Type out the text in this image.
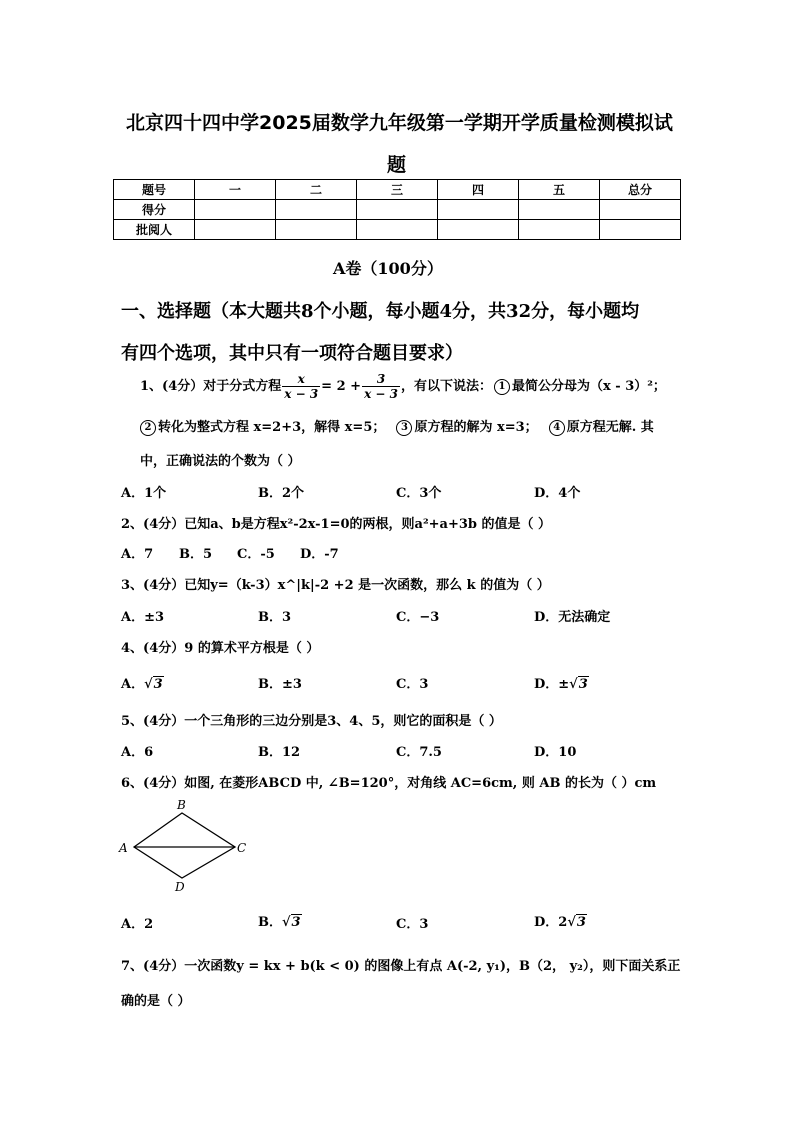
北京四十四中学2025届数学九年级第一学期开学质量检测模拟试
题
题号	一	二	三	四	五	总分
得分						
批阅人						
A卷（100分）
一、选择题（本大题共8个小题，每小题4分，共32分，每小题均
有四个选项，其中只有一项符合题目要求）
1、(4分）对于分式方程 $\frac{x}{x - 3} = 2 + \frac{3}{x - 3}$ ，有以下说法： 1 最简公分母为（x - 3）²；
2 转化为整式方程 x=2+3，解得 x=5； 3 原方程的解为 x=3； 4 原方程无解. 其
中，正确说法的个数为（ ）
A．1个	B．2个	C．3个	D．4个
2、(4分）已知a、b是方程x²-2x-1=0的两根，则a²+a+3b 的值是（ ）
A．7 B．5 C．-5 D．-7
3、(4分）已知y=（k-3）x^|k|-2 +2 是一次函数，那么 k 的值为（ ）
A．±3	B．3	C．−3	D．无法确定
4、(4分）9 的算术平方根是（ ）
A．√3	B．±3	C．3	D．±√3
5、(4分）一个三角形的三边分别是3、4、5，则它的面积是（ ）
A．6	B．12	C．7.5	D．10
6、(4分）如图, 在菱形ABCD 中, ∠B=120°，对角线 AC=6cm, 则 AB 的长为（ ）cm
B
A	C
D
A．2	B．√3	C．3	D．2√3
7、(4分）一次函数y = kx + b(k < 0) 的图像上有点 A(-2, y₁)，B（2， y₂），则下面关系正
确的是（ ）
